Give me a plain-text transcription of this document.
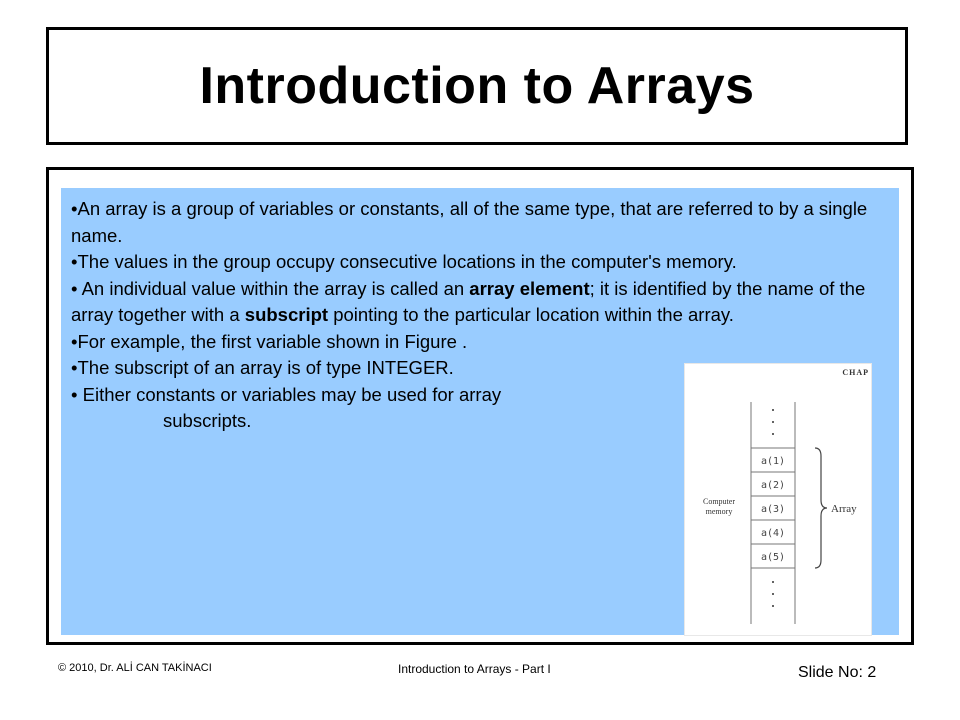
Introduction to Arrays
•An array is a group of variables or constants, all of the same type, that are referred to by a single name.
•The values in the group occupy consecutive locations in the computer's memory.
• An individual value within the array is called an array element; it is identified by the name of the array together with a subscript pointing to the particular location within the array.
•For example, the first variable shown in Figure .
•The subscript of an array is of type INTEGER.
• Either constants or variables may be used for array
subscripts.
a(1)
a(2)
a(3)
a(4)
a(5)
Computer
memory	Array
CHAP
© 2010, Dr. ALİ CAN TAKİNACI	Introduction to Arrays - Part I	Slide No: 2
